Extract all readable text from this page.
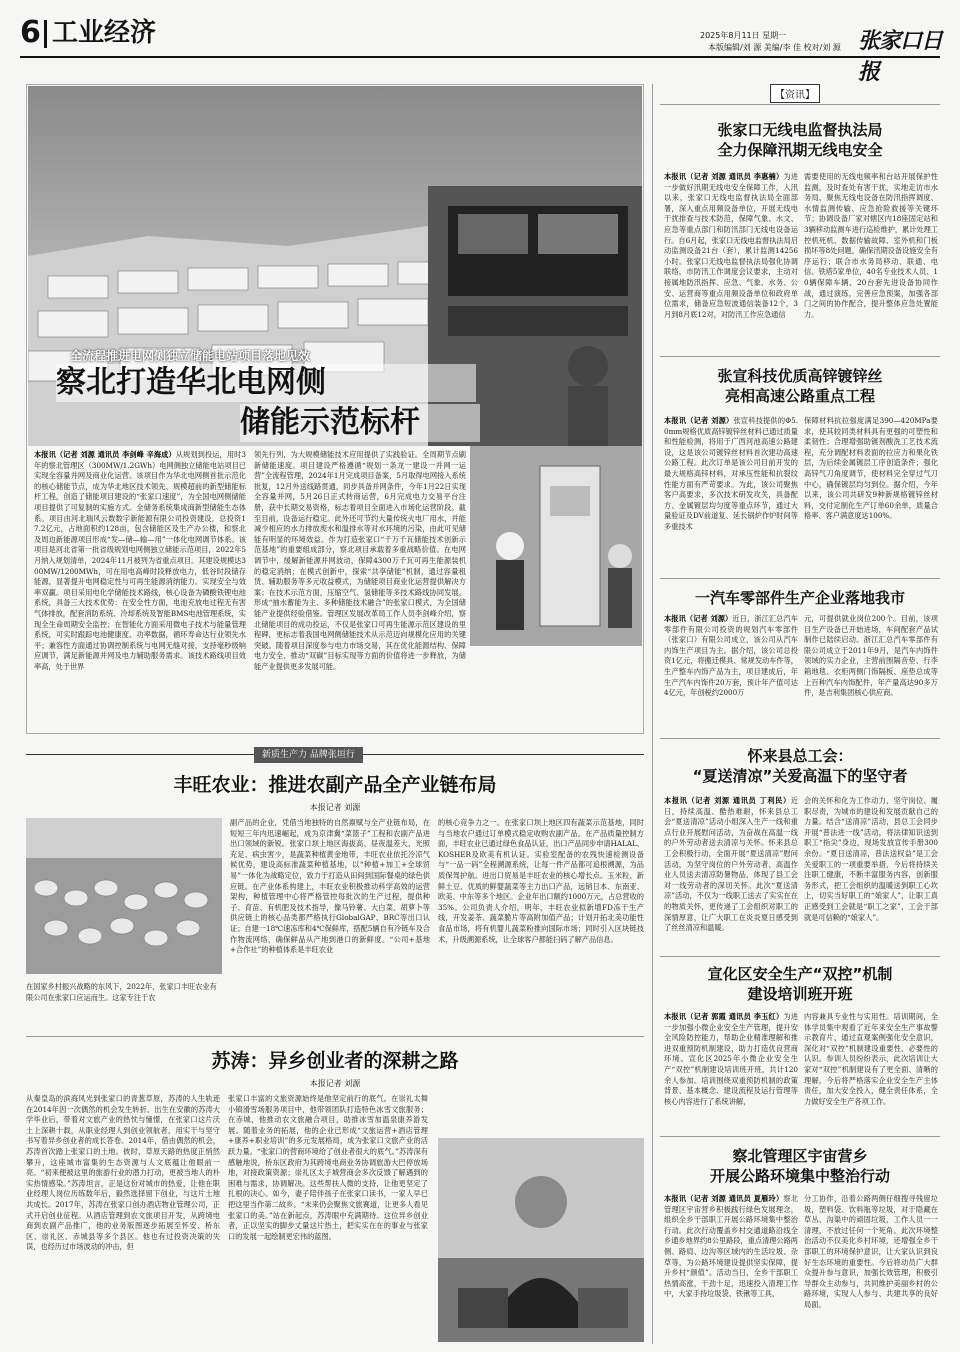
6 工业经济	2025年8月11日 星期一
本版编辑/刘 源 美编/李 佳 校对/刘 源 张家口日报
全流程推进电网侧独立储能电站项目落地见效
察北打造华北电网侧
储能示范标杆
本报讯（记者 刘源 通讯员 李剑峰 辛海成）从规划到投运，用时3年的察北管理区（300MW/1.2GWh）电网侧独立储能电站项目已实现全容量并网及商业化运营。该项目作为华北电网侧首批示范化的核心储能节点，成为华北地区技术领先、规模超前的新型储能标杆工程，创造了储能项目建设的“张家口速度”，为全国电网侧储能项目提供了可复制的实施方式。全储务系统集成商新型储能生态体系。项目由河北瑞风云数数字新能源有限公司投资建设，总投资17.2亿元，占地面积约128亩，包含储能区及生产办公楼，和察北及周边新能源项目形成“发—储—输—用”一体化电网调节体系。该项目是河北省第一批省级规划电网侧独立储能示范项目，2022年5月纳入规划清单，2024年11月被列为省重点项目。其建设规模达300MW/1200MWh，可在用电高峰时段释放电力，低谷时段储存能源，显著提升电网稳定性与可再生能源消纳能力。实现安全与效率双赢。项目采用电化学储能技术路线，核心设备为磷酸铁锂电池系统，具备三大技术优势：在安全性方面，电池充放电过程无有害气体排放，配套消防系统、冷却系统及智能BMS电池管理系统，实现全生命周期安全监控；在智能化方面采用微电子技术与能量管理系统，可实时跟踪电池健康度、功率数据，循环寿命达行业领先水平；兼容性方面通过协调控制系统与电网无缝对接，支持毫秒级响应调节，满足新能源并网及电力辅助服务需求。该技术路线项目效率高，处于世界
领先行列，为大规模储能技术应用提供了实践验证。全周期节点刷新储能速度。项目建设严格遵循“规划一条龙一建设一并网一运营”全流程管理，2024年1月完成项目备案，5月取得电网接入系统批复，12月外送线路贯通，同步具备并网条件，今年1月22日实现全容量并网，5月26日正式转商运营，6月完成电力交易平台注册，获中长期交易资格，标志着项目全面进入市场化运营阶段。截至目前，设备运行稳定。此外还可节约大量传统火电厂用水，并能减少相应的水力排放废水和温排水等对水环境的污染，由此可见储能有明显的环境效益。作为打造张家口“千万千瓦储能技术创新示范基地”的重要组成部分，察北项目承载着多重战略价值。在电网调节中，缓解新能源并网波动，保障4300万千瓦可再生能源装机的稳定消纳；在模式创新中，探索“共享储能”机制，通过容量租赁、辅助服务等多元收益模式，为储能项目商业化运营提供解决方案；在技术示范方面，压缩空气、氢储能等多技术路线协同发展，形成“抽水蓄能为主、多种储能技术融合”的张家口模式，为全国储能产业提供经验借鉴。管理区发展改革局工作人员李剑峰介绍，察北储能项目的成功投运，不仅是张家口可再生能源示范区建设的里程碑，更标志着我国电网侧储能技术从示范迈向规模化应用的关键突破。随着项目深度参与电力市场交易，其在优化能源结构、保障电力安全、推动“双碳”目标实现等方面的价值将进一步释放，为储能产业提供更多发展可能。
新质生产力 品牌张垣行
丰旺农业：推进农副产品全产业链布局
本报记者 刘源
在国家乡村振兴战略的东风下，2022年，张家口丰旺农业有限公司在张家口应运而生。这家专注于农
副产品的企业，凭借当地独特的自然禀赋与全产业链布局，在短短三年内迅速崛起，成为京津冀“菜篮子”工程和农副产品进出口领域的新锐。张家口坝上地区海拔高、昼夜温差大、光照充足、病虫害少，是蔬菜种植黄金地带，丰旺农业依托冷凉气候优势，建设高标准蔬菜种植基地，以“种植+加工+全球贸易”一体化为战略定位，致力于打造从田间到国际餐桌的绿色供应链。在产业体系构建上，丰旺农业积极推动科学高效的运营架构，种植管理中心将严格管控每批次的生产过程，提供种子、育苗、有机肥及技术指导，像马铃薯、大白菜、胡萝卜等供应链上的核心品类都严格执行GlobalGAP、BRC等出口认证；自建一18℃速冻库和4℃保鲜库，搭配5辆自有冷链车及合作物流网络，确保鲜品从产地到港口的新鲜度。“公司+基地+合作社”的种植体系是丰旺农业
的核心竞争力之一。在张家口坝上地区四有蔬菜示范基地，同时与当地农户通过订单模式稳定收购农副产品。在产品质量控制方面，丰旺农业已通过绿色食品认证，出口产品同步申请HALAL、KOSHER及欧美有机认证。实验室配备的农残快速检测设备与“一品一码”全程溯源系统，让每一件产品都可追根溯源，为品质保驾护航。进出口贸易是丰旺农业的核心增长点。玉米粒、新鲜土豆、优质的鲜婴蔬菜等主力出口产品，远销日本、东南亚、欧美、中东等多个地区。企业年出口额约1000万元，占总营收的35%。公司负责人介绍，明年，丰旺农业拟新增FD冻干生产线，开发姜茶、蔬菜脆片等高附加值产品；计划开拓北美功能性食品市场，将有机婴儿蔬菜粉推向国际市场；同时引入区块链技术，升级溯源系统，让全球客户都能扫码了解产品信息。
苏涛：异乡创业者的深耕之路
本报记者 刘源
从秦皇岛的滨海风光到张家口的青葱草原，苏涛的人生轨迹在2014年因一次偶然的机会发生转折。出生在安徽的苏涛大学毕业后，带着对文旅产业的热忱与憧憬，在张家口这片沃土上深耕十载，从职业经理人到创业领航者，用实干与坚守书写着异乡创业者的成长答卷。2014年，借由偶然的机会，苏涛首次踏上张家口的土地。彼时，草原天路的热度正悄然攀升，这座城市富集的生态资源与人文底蕴让他眼前一亮。“初来便被这里的旅游行业的潜力打动，更被当地人的朴实热情感染。”苏涛坦言，正是这份对城市的热爱，让他在职业经理人岗位历练数年后，毅然选择留下创业，与这片土地共成长。2017年，苏涛在张家口创办酒店物业管理公司，正式开启创业征程。从酒店管理到农文旅项目开发，从跨境电商到农副产品推广，他的业务版图逐步拓展至怀安、桥东区、崇礼区、赤城县等多个县区。他也有过投资决策的失误，也经历过市场波动的冲击，但
张家口丰富的文旅资源始终是他坚定前行的底气。在崇礼太舞小镇滑雪场服务项目中，他带领团队打造特色冰雪文旅服务；在赤城，他推动农文旅融合项目，助推冰雪加温泉康养游发展。随着业务的拓展，他的企业已形成“文旅运营+酒店管理+康养+职业培训”的多元发展格局，成为张家口文旅产业的活跃力量。“张家口的营商环境给了创业者很大的底气。”苏涛深有感触地说，桥东区政府为其跨境电商业务协调旅游大巴停放场地，对接政策资源；崇礼区太子城营商会多次反馈了解遇到的困难与需求，协调解决。这些帮扶人微的支持，让他更坚定了扎根的决心。如今，妻子陪伴孩子在张家口读书，一家人早已把这里当作第二故乡。“未来仍会聚焦文旅赛道，让更多人看见张家口的美。”站在新起点，苏涛眼中充满期待。这位异乡创业者，正以坚实的脚步丈量这片热土，把实实在在的事业与张家口的发展一起绘制更宏伟的蓝图。
【资讯】
张家口无线电监督执法局
全力保障汛期无线电安全
本报讯（记者 刘源 通讯员 李惠楠）为进一步做好汛期无线电安全保障工作，入汛以来，张家口无线电监督执法局全面部署，深入重点用频设备单位，开展无线电干扰排查与技术防范，保障气象、水文、应急等重点部门和防汛部门无线电设备运行。自6月起，张家口无线电监督执法局启动监测设备21台（套），累计监测14256小时。张家口无线电监督执法局强化协调联络，市防汛工作调度会议要求，主动对接属地防汛指挥、应急、气象、水务、公安、运营商等重点用频设备单位和政府单位需求，储备应急短波通信装备12个，3月到8月底12对，对防汛工作应急通信
需要使用的无线电频率和台站开展保护性监测，及时查处有害干扰，实地走访市水务局、聚焦无线电设备在防汛指挥调度、水情监测传输、应急抢险救援等关键环节；协调设备厂家对辖区内18座固定站和3辆移动监测车进行巡检维护，累计处理工控机死机、数据传输故障、室外机和门板损坏等8处问题，确保汛期设备设施安全有序运行；联合市水务局移动、联通、电信、铁塔5家单位，40名专业技术人员、10辆保障车辆、20台套先进设备协同作战，通过演练，完善应急预案，加强各部门之间的协作配合，提升整体应急处置能力。
张宣科技优质高锌镀锌丝
亮相高速公路重点工程
本报讯（记者 刘源）张宣科技提供的Φ5.0mm规格优质高锌镀锌丝材料已通过质量和性能检测，将用于广西河池高速公路建设，这是该公司镀锌丝材料首次建功高速公路工程。此次订单是该公司目前开发的最大规格高锌材料，对承压性能和抗裂纹性能方面有严苛要求。为此，该公司聚焦客户高要求，多次技术研发攻关，具备配方、金属镀层均匀度等重点环节，通过大量验证及DV前道复、延长锅炉作炉时间等多重技术
保障材料抗拉强度满足390—420MPa要求，使其较同类材料具有更强的可塑性和柔韧性；合理增强助镀剂酸洗工艺技术流程，充分调配材料表面的拉应力和果化铁层，为后续金属镀层工序创造条件；强化高锌气刀角度调节，使材料完全穿过气刀中心，确保镀层均匀到位。据介绍，今年以来，该公司共研发9种新规格镀锌丝材料，交付定制化生产订单60余单，质量合格率、客户满意度达100%。
一汽车零部件生产企业落地我市
本报讯（记者 刘源）近日，浙江汇总汽车零部件有限公司投资的规划汽车零部件（张家口）有限公司成立，该公司从汽车内饰生产项目为主。据介绍，该公司总投资1亿元，将搬迁模具、常规发动车件等，生产整车内饰产品为主，项目建成后，年生产汽车内饰件20万套，预计年产值可达4亿元，年创税约2000万
元，可提供就业岗位200个。目前，该项目生产设备已开始进场，车间配套产品试制作已陆续启动。浙江汇总汽车零部件有限公司成立于2011年9月，是汽车内饰件领域的实力企业，主营前围隔音垫、行李箱地毯、衣柜两侧门饰隔板、座垫总成等上百种汽车内饰配件，年产量高达90多万件，是吉利集团核心供应商。
怀来县总工会：
“夏送清凉”关爱高温下的坚守者
本报讯（记者 刘源 通讯员 丁利民）近日，持续高温、酷热难耐，怀来县总工会“夏送清凉”活动小组深入生产一线和重点行业开展慰问活动，为奋战在高温一线的户外劳动者送去清凉与关怀。怀来县总工会积极行动，全面开展“夏送清凉”慰问活动，为坚守岗位的户外劳动者、高温作业人员送去清凉防暑物品，体现了县工会对一线劳动者的深切关怀。此次“夏送清凉”活动，不仅为一线职工送去了实实在在的物质关怀，更传递了工会组织对职工的深情厚意，让广大职工在炎炎夏日感受到了丝丝清凉和温暖。
会的关怀和化为工作动力，坚守岗位、履职尽责，为城市的建设和发展贡献自己的力量。结合“送清凉”活动，县总工会同步开展“普法进一线”活动，将法律知识送到职工“指尖”身边，现场发放宣传手册300余份。“夏日送清凉，普法送权益”是工会关爱职工的一项重要举措，今后将持续关注职工健康，不断丰富服务内容，创新服务形式，把工会组织的温暖送到职工心坎上，切实当好职工的“娘家人”，让职工真正感受到工会就是“职工之家”，工会干部就是可信赖的“娘家人”。
宣化区安全生产“双控”机制
建设培训班开班
本报讯（记者 郭霞 通讯员 李玉红）为进一步加强小微企业安全生产管理，提升安全风险防控能力，帮助企业精准理解和推进双重预防机制建设，助力打造优良营商环境。宣化区2025年小微企业安全生产“双控”机制建设培训班开班，共计120余人参加。培训围绕双重预防机制的政策背景、基本概念、建设流程及运行管理等核心内容进行了系统讲解，
内容兼具专业性与实用性。培训期间，全体学员集中观看了近年来安全生产事故警示教育片，通过直观案例强化安全意识，深化对“双控”机制建设重要性、必要性的认识。参训人员纷纷表示，此次培训让大家对“双控”机制建设有了更全面、清晰的理解，今后将严格落实企业安全生产主体责任，加大安全投入，健全责任体系，全力做好安全生产各项工作。
察北管理区宇宙营乡
开展公路环境集中整治行动
本报讯（记者 刘源 通讯员 夏雁玲）察北管理区宇宙营乡积极践行绿色发展理念，组织全乡干部职工开展公路环境集中整治行动。此次行动覆盖乡村交通道路沿线全乡通乡地界约8公里路段，重点清理公路两侧、路肩、边沟等区域内的生活垃圾、杂草等，为公路环境建设提供坚实保障，提升乡村“颜值”。活动当日，全乡干部职工热情高涨，干劲十足，迅速投入清理工作中，大家手持垃圾袋、铁锹等工具，
分工协作，沿着公路两侧仔细搜寻残留垃圾，塑料袋、饮料瓶等垃圾，对于隐藏在草丛、沟渠中的顽固垃圾，工作人员一一清理，不放过任何一个死角。此次环境整治活动不仅美化乡村环境，还增强全乡干部职工的环境保护意识，让大家认识到良好生态环境的重要性。今后将动员广大群众提升参与意识，加强长效管理，积极引导群众主动参与，共同维护美丽乡村的公路环境，实现人人参与、共建共享的良好局面。
